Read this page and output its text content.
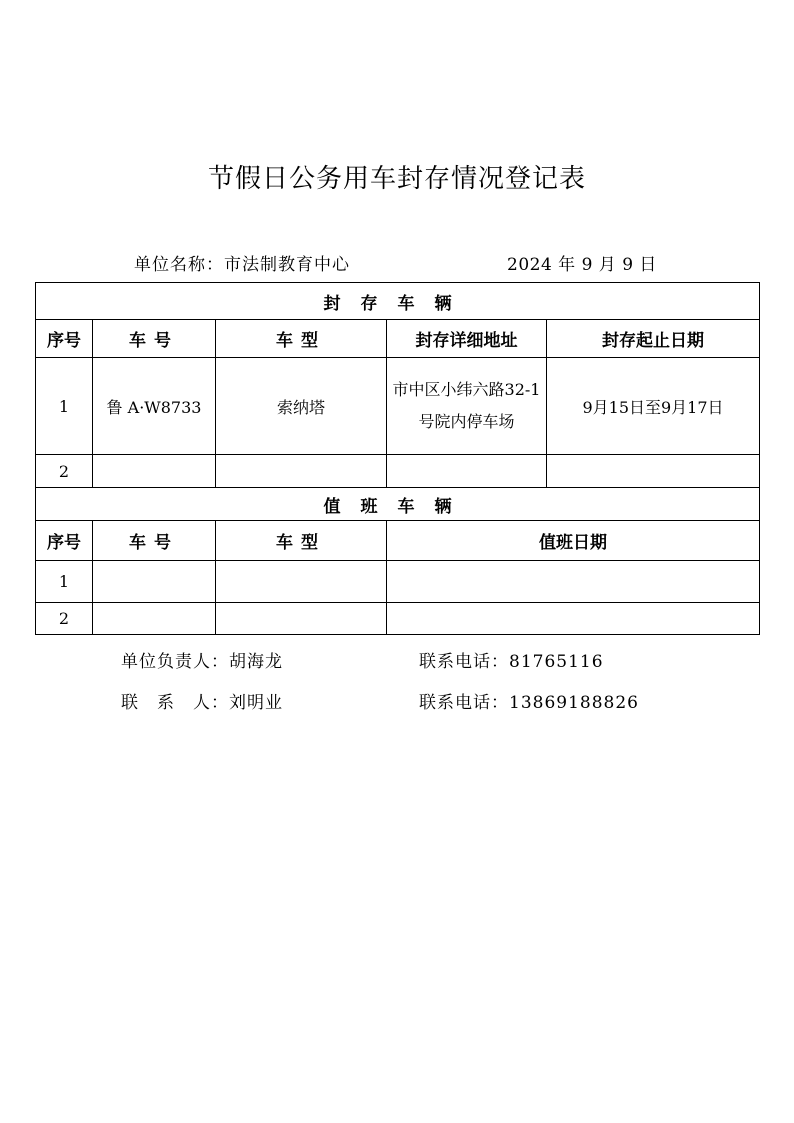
节假日公务用车封存情况登记表
单位名称：市法制教育中心	2024 年 9 月 9 日
封存车辆				
序号	车号	车型	封存详细地址	封存起止日期
1	鲁 A·W8733	索纳塔	市中区小纬六路32-1号院内停车场	9月15日至9月17日
2				
值班车辆				
序号	车号	车型	值班日期	
1				
2				
单位负责人：胡海龙	联系电话：81765116
联　系　人：刘明业	联系电话：13869188826
